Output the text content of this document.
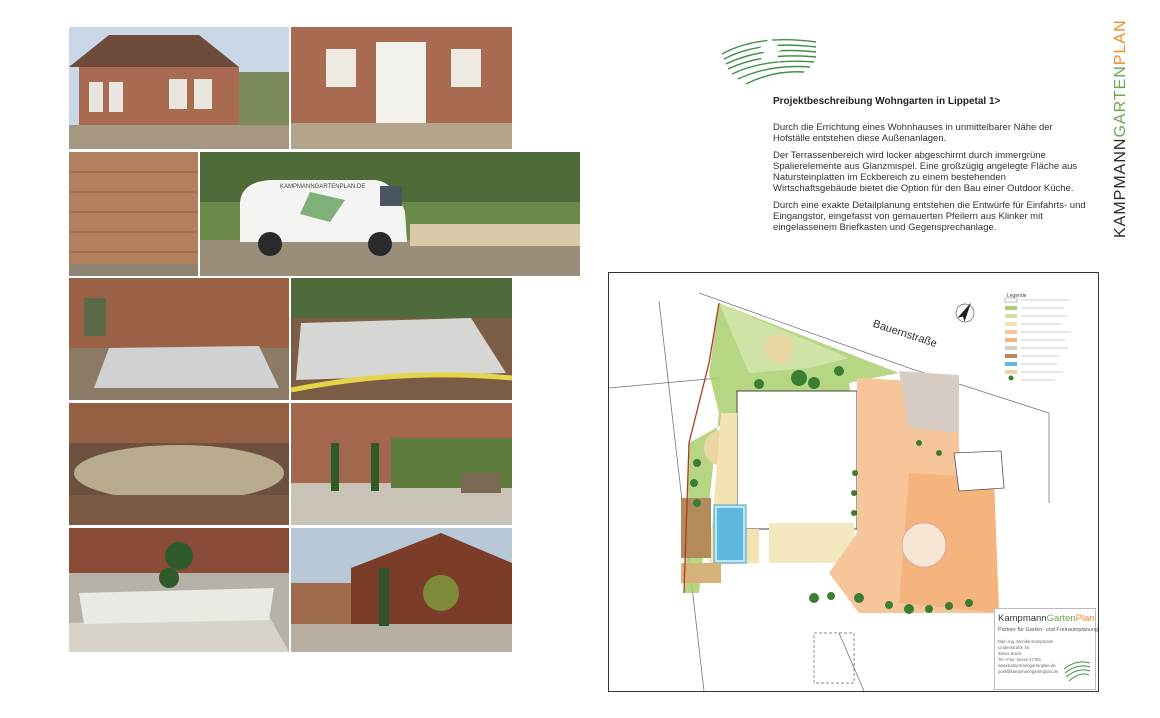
KAMPMANNGARTENPLAN.DE
Projektbeschreibung Wohngarten in Lippetal 1>

Durch die Errichtung eines Wohnhauses in unmittelbarer Nähe der Hofställe entstehen diese Außenanlagen.

Der Terrassenbereich wird locker abgeschirmt durch immergrüne Spalierelemente aus Glanzmispel. Eine großzügig angelegte Fläche aus Natursteinplatten im Eckbereich zu einem bestehenden Wirtschaftsgebäude bietet die Option für den Bau einer Outdoor Küche.

Durch eine exakte Detailplanung entstehen die Entwürfe für Einfahrts- und Eingangstor, eingefasst von gemauerten Pfeilern aus Klinker mit eingelassenem Briefkasten und Gegensprechanlage.	KAMPMANNGARTENPLAN
Legende
Bauernstraße
KampmannGartenPlan
Partner für Garten- und Freiraumplanung
Dipl.-Ing. Monika Kampmann
Lindenstraße 45
48xxx Soest
Tel +Fax: 0xxxx-17761
www.kampmanngartenplan.de
post@kampmanngartenplan.de
